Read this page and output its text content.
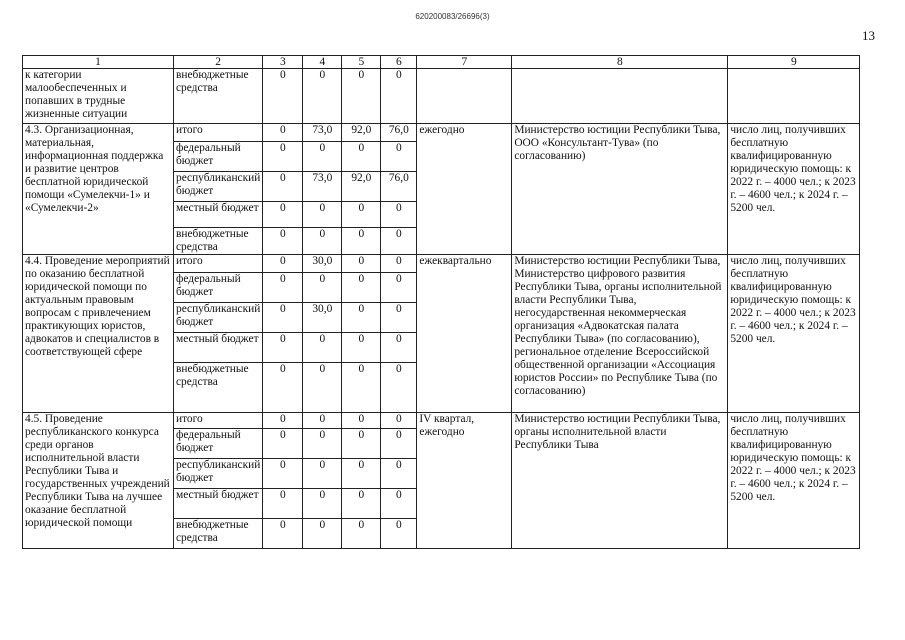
620200083/26696(3)
13
1	2	3	4	5	6	7	8	9
к категории малообеспеченных и попавших в трудные жизненные ситуации	внебюджетные средства	0	0	0	0			
4.3. Организационная, материальная, информационная поддержка и развитие центров бесплатной юридической помощи «Сумелекчи-1» и «Сумелекчи-2»	итого	0	73,0	92,0	76,0	ежегодно	Министерство юстиции Республики Тыва, ООО «Консультант-Тува» (по согласованию)	число лиц, получивших бесплатную квалифицированную юридическую помощь: к 2022 г. – 4000 чел.; к 2023 г. – 4600 чел.; к 2024 г. – 5200 чел.
	федеральный бюджет	0	0	0	0			
	республиканский бюджет	0	73,0	92,0	76,0			
	местный бюджет	0	0	0	0			
	внебюджетные средства	0	0	0	0			
4.4. Проведение мероприятий по оказанию бесплатной юридической помощи по актуальным правовым вопросам с привлечением практикующих юристов, адвокатов и специалистов в соответствующей сфере	итого	0	30,0	0	0	ежеквартально	Министерство юстиции Республики Тыва, Министерство цифрового развития Республики Тыва, органы исполнительной власти Республики Тыва, негосударственная некоммерческая организация «Адвокатская палата Республики Тыва» (по согласованию), региональное отделение Всероссийской общественной организации «Ассоциация юристов России» по Республике Тыва (по согласованию)	число лиц, получивших бесплатную квалифицированную юридическую помощь: к 2022 г. – 4000 чел.; к 2023 г. – 4600 чел.; к 2024 г. – 5200 чел.
	федеральный бюджет	0	0	0	0			
	республиканский бюджет	0	30,0	0	0			
	местный бюджет	0	0	0	0			
	внебюджетные средства	0	0	0	0			
4.5. Проведение республиканского конкурса среди органов исполнительной власти Республики Тыва и государственных учреждений Республики Тыва на лучшее оказание бесплатной юридической помощи	итого	0	0	0	0	IV квартал, ежегодно	Министерство юстиции Республики Тыва, органы исполнительной власти Республики Тыва	число лиц, получивших бесплатную квалифицированную юридическую помощь: к 2022 г. – 4000 чел.; к 2023 г. – 4600 чел.; к 2024 г. – 5200 чел.
	федеральный бюджет	0	0	0	0			
	республиканский бюджет	0	0	0	0			
	местный бюджет	0	0	0	0			
	внебюджетные средства	0	0	0	0			
